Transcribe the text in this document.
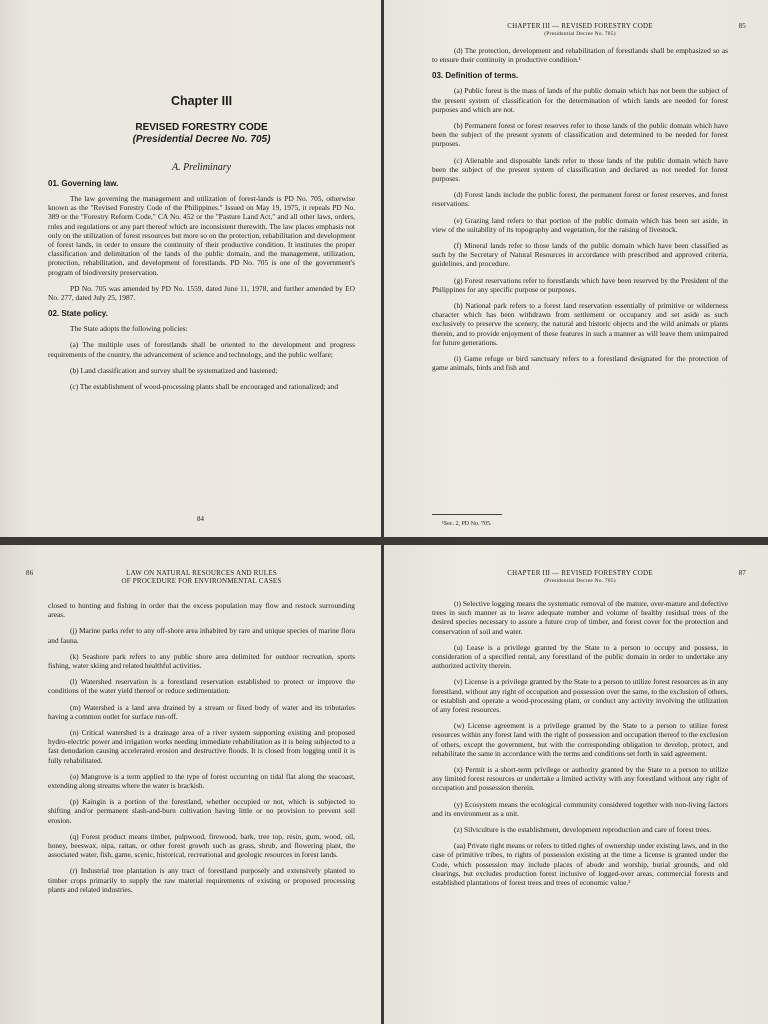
Chapter III
REVISED FORESTRY CODE
(Presidential Decree No. 705)
A. Preliminary
01. Governing law.

The law governing the management and utilization of forest-lands is PD No. 705, otherwise known as the "Revised Forestry Code of the Philippines." Issued on May 19, 1975, it repeals PD No. 389 or the "Forestry Reform Code," CA No. 452 or the "Pasture Land Act," and all other laws, orders, rules and regulations or any part thereof which are inconsistent therewith. The law places emphasis not only on the utilization of forest resources but more so on the protection, rehabilitation and development of forest lands, in order to ensure the continuity of their productive condition. It institutes the proper classification and delimitation of the lands of the public domain, and the management, utilization, protection, rehabilitation, and development of forestlands. PD No. 705 is one of the government's program of biodiversity preservation.

PD No. 705 was amended by PD No. 1559, dated June 11, 1978, and further amended by EO No. 277, dated July 25, 1987.

02. State policy.

The State adopts the following policies:

(a) The multiple uses of forestlands shall be oriented to the development and progress requirements of the country, the advancement of science and technology, and the public welfare;

(b) Land classification and survey shall be systematized and hastened;

(c) The establishment of wood-processing plants shall be encouraged and rationalized; and

84
CHAPTER III — REVISED FORESTRY CODE
(Presidential Decree No. 705)
85

(d) The protection, development and rehabilitation of forestlands shall be emphasized so as to ensure their continuity in productive condition.¹

03. Definition of terms.

(a) Public forest is the mass of lands of the public domain which has not been the subject of the present system of classification for the determination of which lands are needed for forest purposes and which are not.

(b) Permanent forest or forest reserves refer to those lands of the public domain which have been the subject of the present system of classification and determined to be needed for forest purposes.

(c) Alienable and disposable lands refer to those lands of the public domain which have been the subject of the present system of classification and declared as not needed for forest purposes.

(d) Forest lands include the public forest, the permanent forest or forest reserves, and forest reservations.

(e) Grazing land refers to that portion of the public domain which has been set aside, in view of the suitability of its topography and vegetation, for the raising of livestock.

(f) Mineral lands refer to those lands of the public domain which have been classified as such by the Secretary of Natural Resources in accordance with prescribed and approved criteria, guidelines, and procedure.

(g) Forest reservations refer to forestlands which have been reserved by the President of the Philippines for any specific purpose or purposes.

(h) National park refers to a forest land reservation essentially of primitive or wilderness character which has been withdrawn from settlement or occupancy and set aside as such exclusively to preserve the scenery, the natural and historic objects and the wild animals or plants therein, and to provide enjoyment of these features in such a manner as will leave them unimpaired for future generations.

(i) Game refuge or bird sanctuary refers to a forestland designated for the protection of game animals, birds and fish and

¹Sec. 2, PD No. 705.
LAW ON NATURAL RESOURCES AND RULES
OF PROCEDURE FOR ENVIRONMENTAL CASES
86

closed to hunting and fishing in order that the excess population may flow and restock surrounding areas.

(j) Marine parks refer to any off-shore area inhabited by rare and unique species of marine flora and fauna.

(k) Seashore park refers to any public shore area delimited for outdoor recreation, sports fishing, water skiing and related healthful activities.

(l) Watershed reservation is a forestland reservation established to protect or improve the conditions of the water yield thereof or reduce sedimentation.

(m) Watershed is a land area drained by a stream or fixed body of water and its tributaries having a common outlet for surface run-off.

(n) Critical watershed is a drainage area of a river system supporting existing and proposed hydro-electric power and irrigation works needing immediate rehabilitation as it is being subjected to a fast denudation causing accelerated erosion and destructive floods. It is closed from logging until it is fully rehabilitated.

(o) Mangrove is a term applied to the type of forest occurring on tidal flat along the seacoast, extending along streams where the water is brackish.

(p) Kaingin is a portion of the forestland, whether occupied or not, which is subjected to shifting and/or permanent slash-and-burn cultivation having little or no provision to prevent soil erosion.

(q) Forest product means timber, pulpwood, firewood, bark, tree top, resin, gum, wood, oil, honey, beeswax, nipa, rattan, or other forest growth such as grass, shrub, and flowering plant, the associated water, fish, game, scenic, historical, recreational and geologic resources in forest lands.

(r) Industrial tree plantation is any tract of forestland purposely and extensively planted to timber crops primarily to supply the raw material requirements of existing or proposed processing plants and related industries.

CHAPTER III — REVISED FORESTRY CODE
(Presidential Decree No. 705)
87

(t) Selective logging means the systematic removal of the mature, over-mature and defective trees in such manner as to leave adequate number and volume of healthy residual trees of the desired species necessary to assure a future crop of timber, and forest cover for the protection and conservation of soil and water.

(u) Lease is a privilege granted by the State to a person to occupy and possess, in consideration of a specified rental, any forestland of the public domain in order to undertake any authorized activity therein.

(v) License is a privilege granted by the State to a person to utilize forest resources as in any forestland, without any right of occupation and possession over the same, to the exclusion of others, or establish and operate a wood-processing plant, or conduct any activity involving the utilization of any forest resources.

(w) License agreement is a privilege granted by the State to a person to utilize forest resources within any forest land with the right of possession and occupation thereof to the exclusion of others, except the government, but with the corresponding obligation to develop, protect, and rehabilitate the same in accordance with the terms and conditions set forth in said agreement.

(x) Permit is a short-term privilege or authority granted by the State to a person to utilize any limited forest resources or undertake a limited activity with any forestland without any right of occupation and possession therein.

(y) Ecosystem means the ecological community considered together with non-living factors and its environment as a unit.

(z) Silviculture is the establishment, development reproduction and care of forest trees.

(aa) Private right means or refers to titled rights of ownership under existing laws, and in the case of primitive tribes, to rights of possession existing at the time a license is granted under the Code, which possession may include places of abode and worship, burial grounds, and old clearings, but excludes production forest inclusive of logged-over areas, commercial forests and established plantations of forest trees and trees of economic value.²
